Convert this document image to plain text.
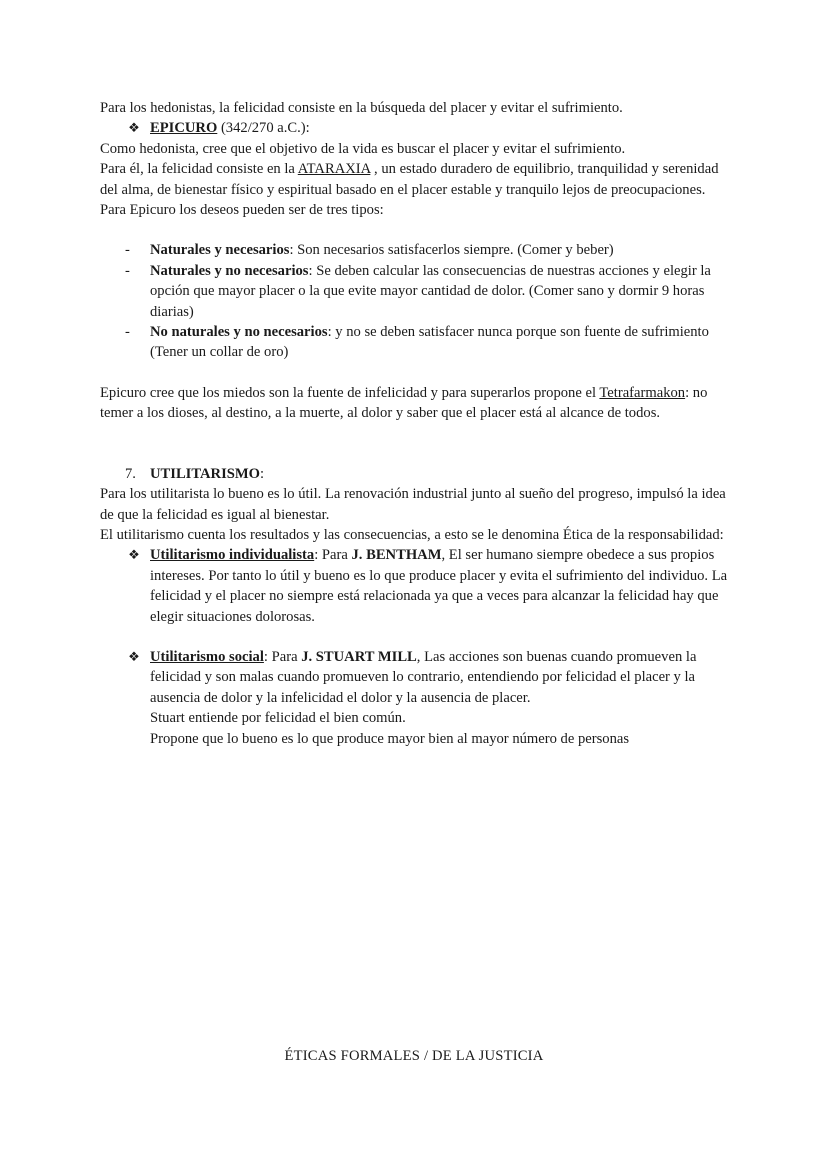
Para los hedonistas, la felicidad consiste en la búsqueda del placer y evitar el sufrimiento.

❖ EPICURO (342/270 a.C.):

Como hedonista, cree que el objetivo de la vida es buscar el placer y evitar el sufrimiento.

Para él, la felicidad consiste en la ATARAXIA , un estado duradero de equilibrio, tranquilidad y serenidad del alma, de bienestar físico y espiritual basado en el placer estable y tranquilo lejos de preocupaciones.

Para Epicuro los deseos pueden ser de tres tipos:

- Naturales y necesarios: Son necesarios satisfacerlos siempre. (Comer y beber)
- Naturales y no necesarios: Se deben calcular las consecuencias de nuestras acciones y elegir la opción que mayor placer o la que evite mayor cantidad de dolor. (Comer sano y dormir 9 horas diarias)
- No naturales y no necesarios: y no se deben satisfacer nunca porque son fuente de sufrimiento (Tener un collar de oro)

Epicuro cree que los miedos son la fuente de infelicidad y para superarlos propone el Tetrafarmakon: no temer a los dioses, al destino, a la muerte, al dolor y saber que el placer está al alcance de todos.

7. UTILITARISMO:

Para los utilitarista lo bueno es lo útil. La renovación industrial junto al sueño del progreso, impulsó la idea de que la felicidad es igual al bienestar.

El utilitarismo cuenta los resultados y las consecuencias, a esto se le denomina Ética de la responsabilidad:

❖ Utilitarismo individualista: Para J. BENTHAM, El ser humano siempre obedece a sus propios intereses. Por tanto lo útil y bueno es lo que produce placer y evita el sufrimiento del individuo. La felicidad y el placer no siempre está relacionada ya que a veces para alcanzar la felicidad hay que elegir situaciones dolorosas.
❖ Utilitarismo social: Para J. STUART MILL, Las acciones son buenas cuando promueven la felicidad y son malas cuando promueven lo contrario, entendiendo por felicidad el placer y la ausencia de dolor y la infelicidad el dolor y la ausencia de placer.
Stuart entiende por felicidad el bien común.
Propone que lo bueno es lo que produce mayor bien al mayor número de personas
ÉTICAS FORMALES / DE LA JUSTICIA
